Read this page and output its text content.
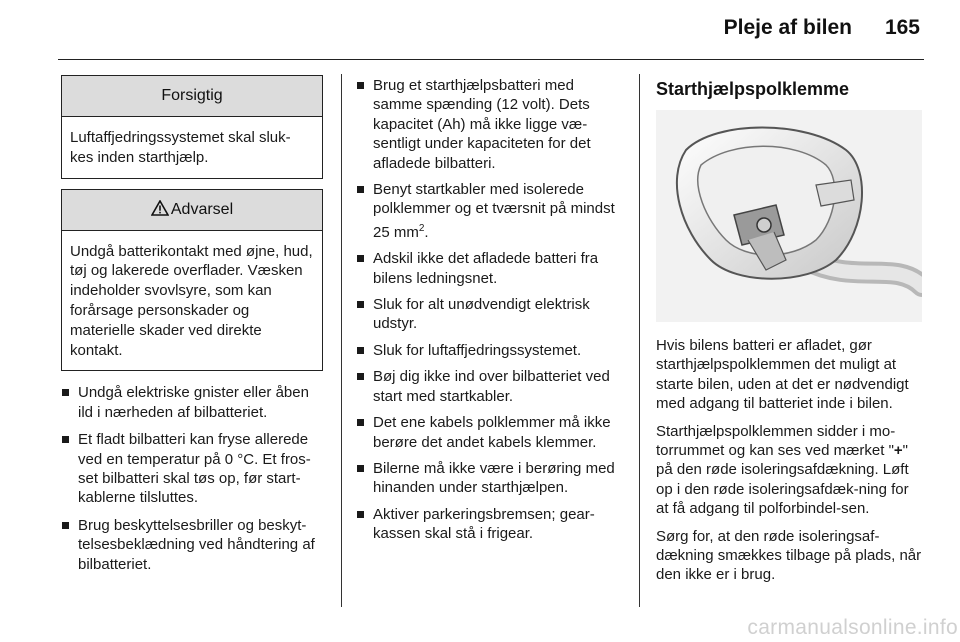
Pleje af bilen	165
Forsigtig
Luftaffjedringssystemet skal sluk-
kes inden starthjælp.
Advarsel
Undgå batterikontakt med øjne, hud, tøj og lakerede overflader. Væsken indeholder svovlsyre, som kan forårsage personskader og materielle skader ved direkte kontakt.
Undgå elektriske gnister eller åben ild i nærheden af bilbatteriet.
Et fladt bilbatteri kan fryse allerede ved en temperatur på 0 °C. Et fros-set bilbatteri skal tøs op, før start-kablerne tilsluttes.
Brug beskyttelsesbriller og beskyt-telsesbeklædning ved håndtering af bilbatteriet.
Brug et starthjælpsbatteri med samme spænding (12 volt). Dets kapacitet (Ah) må ikke ligge væ-sentligt under kapaciteten for det afladede bilbatteri.
Benyt startkabler med isolerede polklemmer og et tværsnit på mindst 25 $mm^2$.
Adskil ikke det afladede batteri fra bilens ledningsnet.
Sluk for alt unødvendigt elektrisk udstyr.
Sluk for luftaffjedringssystemet.
Bøj dig ikke ind over bilbatteriet ved start med startkabler.
Det ene kabels polklemmer må ikke berøre det andet kabels klemmer.
Bilerne må ikke være i berøring med hinanden under starthjælpen.
Aktiver parkeringsbremsen; gear-kassen skal stå i frigear.
Starthjælpspolklemme

Hvis bilens batteri er afladet, gør starthjælpspolklemmen det muligt at starte bilen, uden at det er nødvendigt med adgang til batteriet inde i bilen.

Starthjælpspolklemmen sidder i mo-torrummet og kan ses ved mærket "+" på den røde isoleringsafdækning. Løft op i den røde isoleringsafdæk-ning for at få adgang til polforbindel-sen.

Sørg for, at den røde isoleringsaf-dækning smækkes tilbage på plads, når den ikke er i brug.

carmanualsonline.info
